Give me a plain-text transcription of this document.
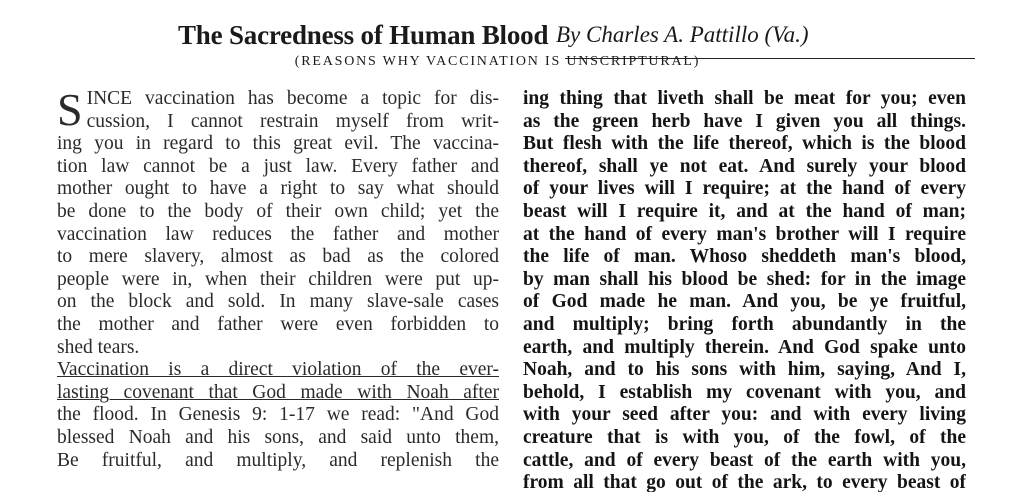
The Sacredness of Human Blood By Charles A. Pattillo (Va.)
(REASONS WHY VACCINATION IS UNSCRIPTURAL)
S INCE vaccination has become a topic for dis-
cussion, I cannot restrain myself from writ-
ing you in regard to this great evil. The vaccina-
tion law cannot be a just law. Every father and
mother ought to have a right to say what should
be done to the body of their own child; yet the
vaccination law reduces the father and mother
to mere slavery, almost as bad as the colored
people were in, when their children were put up-
on the block and sold. In many slave-sale cases
the mother and father were even forbidden to
shed tears.
Vaccination is a direct violation of the ever-
lasting covenant that God made with Noah after
the flood. In Genesis 9: 1-17 we read: "And God
blessed Noah and his sons, and said unto them,
Be fruitful, and multiply, and replenish the
ing thing that liveth shall be meat for you; even
as the green herb have I given you all things.
But flesh with the life thereof, which is the blood
thereof, shall ye not eat. And surely your blood
of your lives will I require; at the hand of every
beast will I require it, and at the hand of man;
at the hand of every man's brother will I require
the life of man. Whoso sheddeth man's blood,
by man shall his blood be shed: for in the image
of God made he man. And you, be ye fruitful,
and multiply; bring forth abundantly in the
earth, and multiply therein. And God spake unto
Noah, and to his sons with him, saying, And I,
behold, I establish my covenant with you, and
with your seed after you: and with every living
creature that is with you, of the fowl, of the
cattle, and of every beast of the earth with you,
from all that go out of the ark, to every beast of
